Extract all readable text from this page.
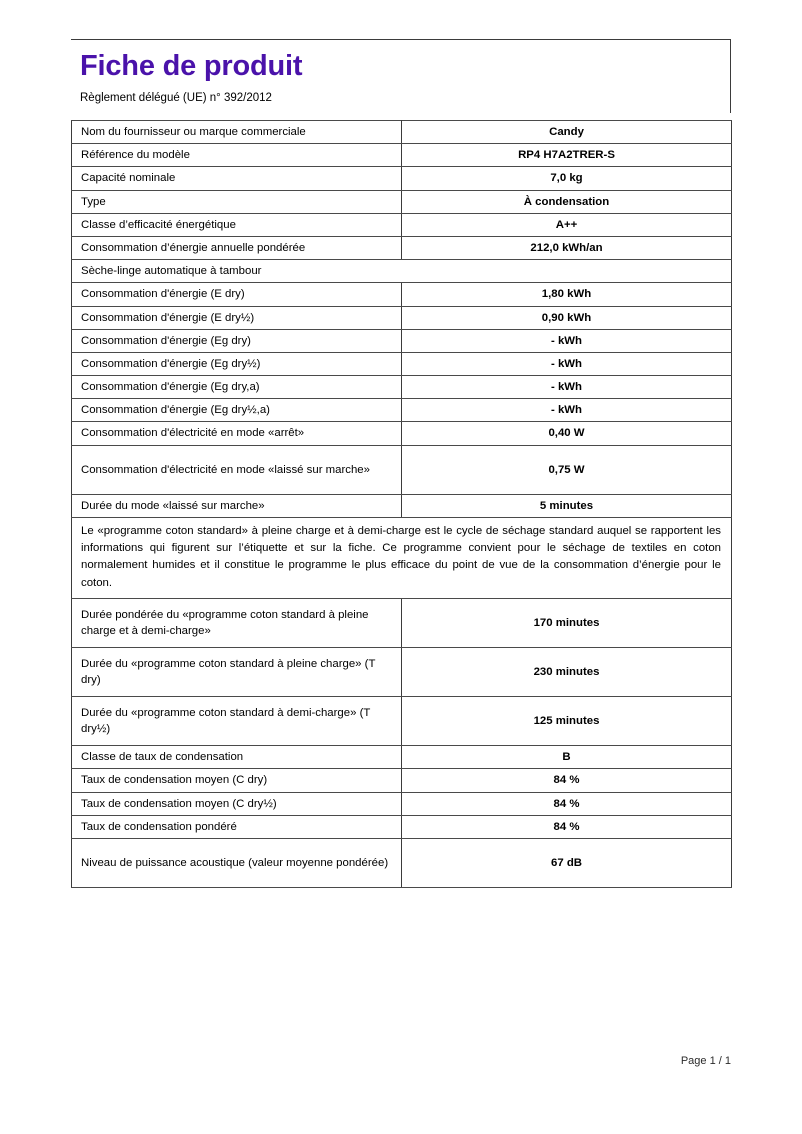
Fiche de produit
Règlement délégué (UE) n° 392/2012
Nom du fournisseur ou marque commerciale	Candy
Référence du modèle	RP4 H7A2TRER-S
Capacité nominale	7,0 kg
Type	À condensation
Classe d’efficacité énergétique	A++
Consommation d’énergie annuelle pondérée	212,0 kWh/an
Sèche-linge automatique à tambour	
Consommation d'énergie (E dry)	1,80 kWh
Consommation d'énergie (E dry½)	0,90 kWh
Consommation d'énergie (Eg dry)	- kWh
Consommation d'énergie (Eg dry½)	- kWh
Consommation d'énergie (Eg dry,a)	- kWh
Consommation d'énergie (Eg dry½,a)	- kWh
Consommation d'électricité en mode «arrêt»	0,40 W
Consommation d'électricité en mode «laissé sur marche»	0,75 W
Durée du mode «laissé sur marche»	5 minutes
Le «programme coton standard» à pleine charge et à demi-charge est le cycle de séchage standard auquel se rapportent les informations qui figurent sur l’étiquette et sur la fiche. Ce programme convient pour le séchage de textiles en coton normalement humides et il constitue le programme le plus efficace du point de vue de la consommation d’énergie pour le coton.	
Durée pondérée du «programme coton standard à pleine charge et à demi-charge»	170 minutes
Durée du «programme coton standard à pleine charge» (T dry)	230 minutes
Durée du «programme coton standard à demi-charge» (T dry½)	125 minutes
Classe de taux de condensation	B
Taux de condensation moyen (C dry)	84 %
Taux de condensation moyen (C dry½)	84 %
Taux de condensation pondéré	84 %
Niveau de puissance acoustique (valeur moyenne pondérée)	67 dB
Page 1 / 1
